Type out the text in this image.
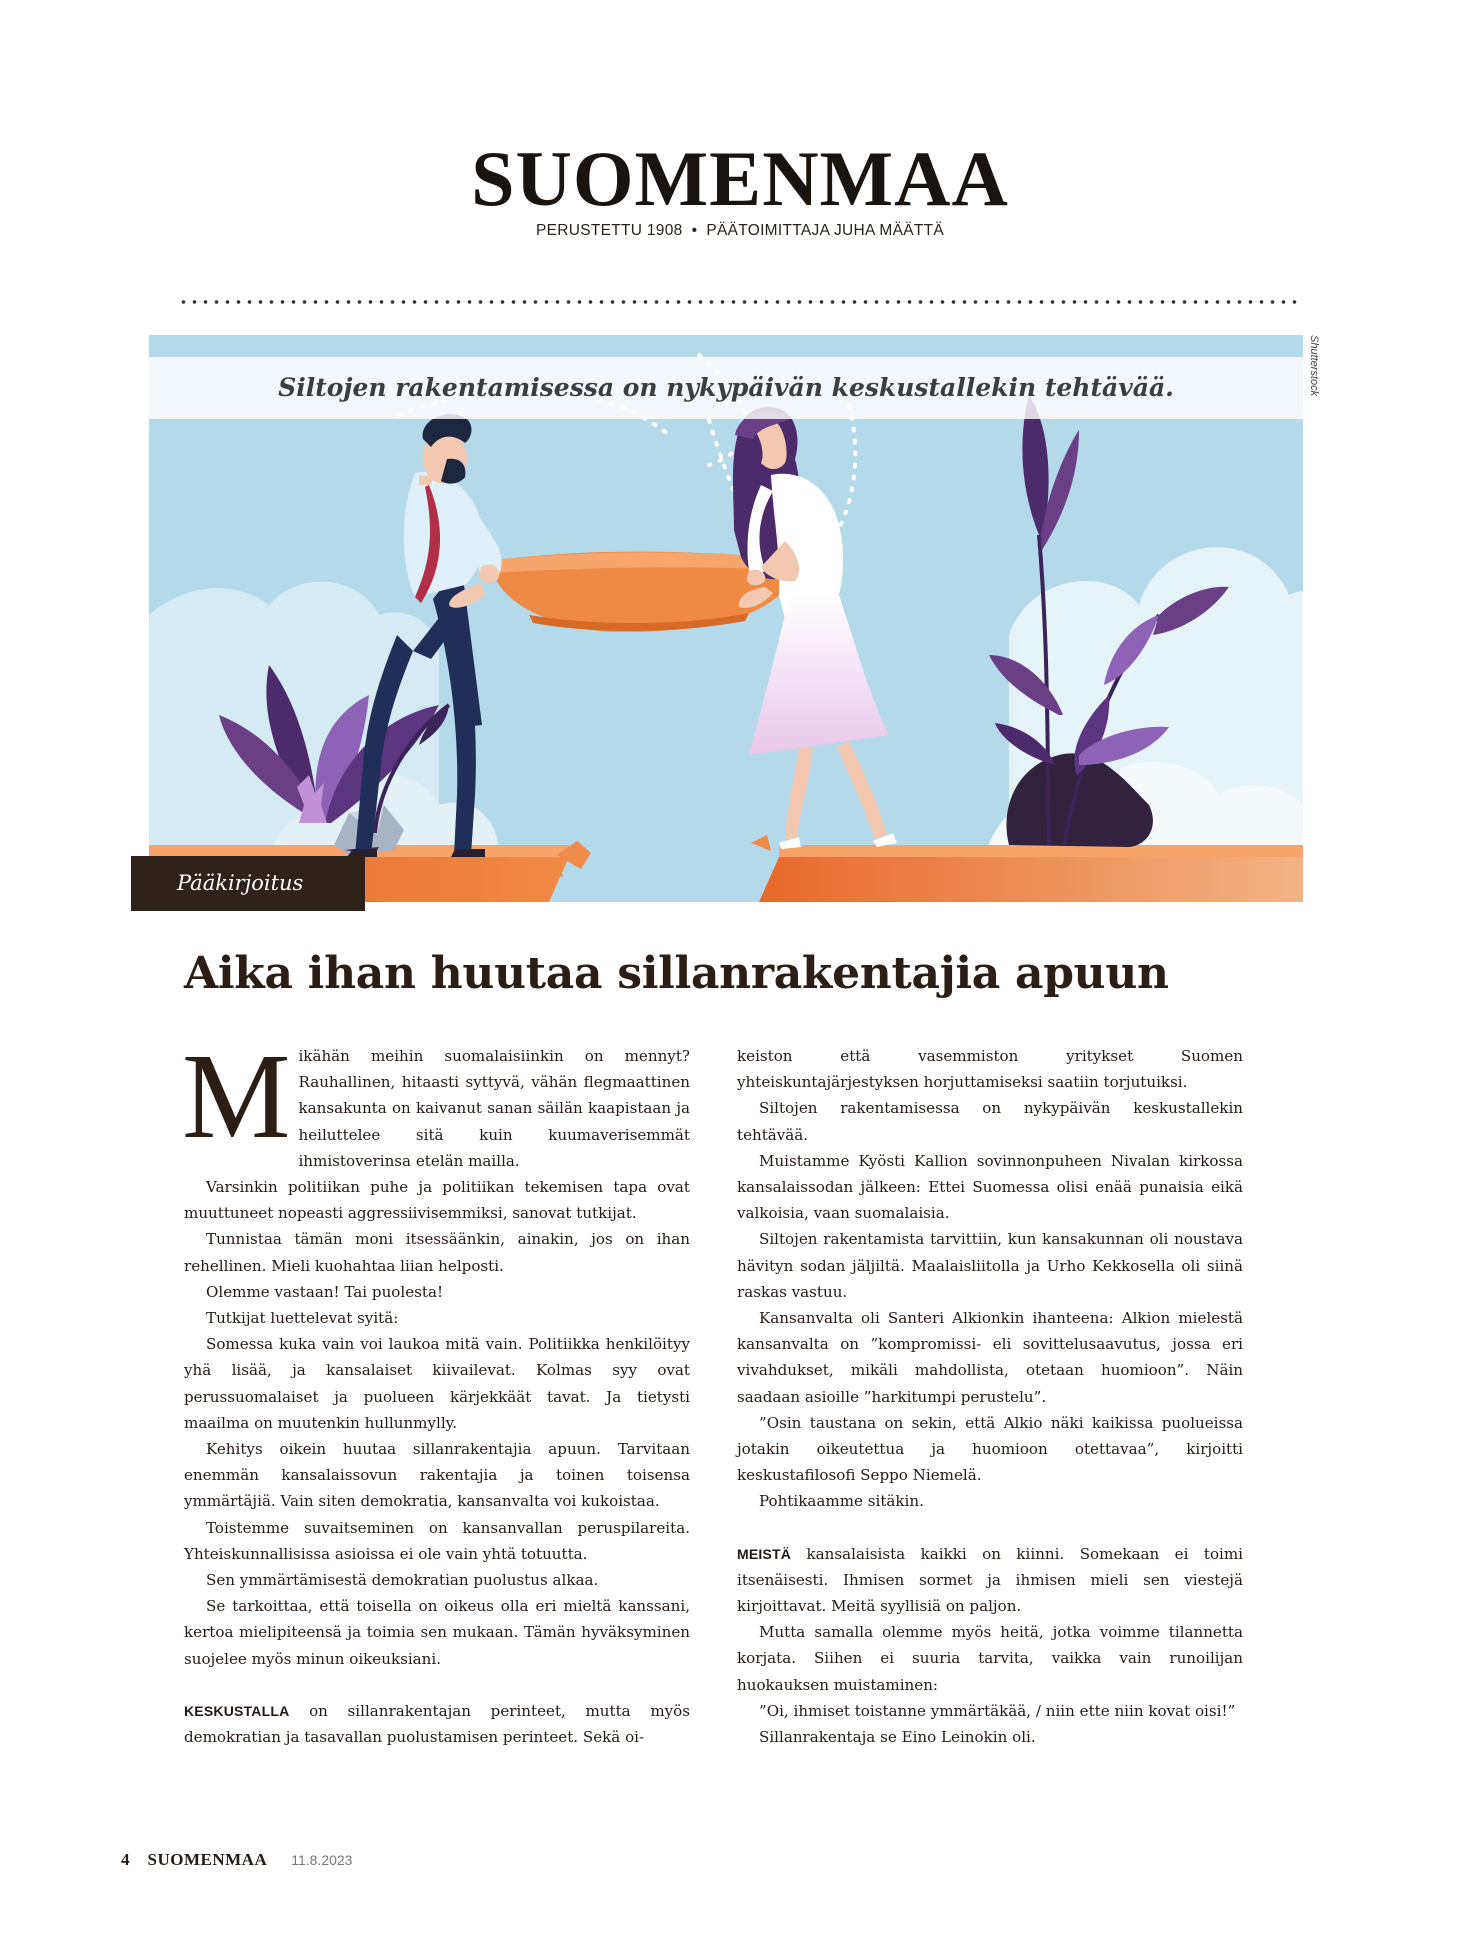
SUOMENMAA
PERUSTETTU 1908 • PÄÄTOIMITTAJA JUHA MÄÄTTÄ
Shutterstock
Siltojen rakentamisessa on nykypäivän keskustallekin tehtävää.
Pääkirjoitus
Aika ihan huutaa sillanrakentajia apuun

Mikähän meihin suomalaisiinkin on mennyt? Rauhallinen, hitaasti syttyvä, vähän flegmaattinen kansakunta on kaivanut sanan säilän kaapistaan ja heiluttelee sitä kuin kuumaverisemmät ihmistoverinsa etelän mailla.

Varsinkin politiikan puhe ja politiikan tekemisen tapa ovat muuttuneet nopeasti aggressiivisemmiksi, sanovat tutkijat.

Tunnistaa tämän moni itsessäänkin, ainakin, jos on ihan rehellinen. Mieli kuohahtaa liian helposti.

Olemme vastaan! Tai puolesta!

Tutkijat luettelevat syitä:

Somessa kuka vain voi laukoa mitä vain. Politiikka henkilöityy yhä lisää, ja kansalaiset kiivailevat. Kolmas syy ovat perussuomalaiset ja puolueen kärjekkäät tavat. Ja tietysti maailma on muutenkin hullunmylly.

Kehitys oikein huutaa sillanrakentajia apuun. Tarvitaan enemmän kansalaissovun rakentajia ja toinen toisensa ymmärtäjiä. Vain siten demokratia, kansanvalta voi kukoistaa.

Toistemme suvaitseminen on kansanvallan peruspilareita. Yhteiskunnallisissa asioissa ei ole vain yhtä totuutta.

Sen ymmärtämisestä demokratian puolustus alkaa.

Se tarkoittaa, että toisella on oikeus olla eri mieltä kanssani, kertoa mielipiteensä ja toimia sen mukaan. Tämän hyväksyminen suojelee myös minun oikeuksiani.

KESKUSTALLA on sillanrakentajan perinteet, mutta myös demokratian ja tasavallan puolustamisen perinteet. Sekä oi-

keiston että vasemmiston yritykset Suomen yhteiskuntajärjestyksen horjuttamiseksi saatiin torjutuiksi.

Siltojen rakentamisessa on nykypäivän keskustallekin tehtävää.

Muistamme Kyösti Kallion sovinnonpuheen Nivalan kirkossa kansalaissodan jälkeen: Ettei Suomessa olisi enää punaisia eikä valkoisia, vaan suomalaisia.

Siltojen rakentamista tarvittiin, kun kansakunnan oli noustava hävityn sodan jäljiltä. Maalaisliitolla ja Urho Kekkosella oli siinä raskas vastuu.

Kansanvalta oli Santeri Alkionkin ihanteena: Alkion mielestä kansanvalta on ”kompromissi- eli sovittelusaavutus, jossa eri vivahdukset, mikäli mahdollista, otetaan huomioon”. Näin saadaan asioille ”harkitumpi perustelu”.

”Osin taustana on sekin, että Alkio näki kaikissa puolueissa jotakin oikeutettua ja huomioon otettavaa”, kirjoitti keskustafilosofi Seppo Niemelä.

Pohtikaamme sitäkin.

MEISTÄ kansalaisista kaikki on kiinni. Somekaan ei toimi itsenäisesti. Ihmisen sormet ja ihmisen mieli sen viestejä kirjoittavat. Meitä syyllisiä on paljon.

Mutta samalla olemme myös heitä, jotka voimme tilannetta korjata. Siihen ei suuria tarvita, vaikka vain runoilijan huokauksen muistaminen:

”Oi, ihmiset toistanne ymmärtäkää, / niin ette niin kovat oisi!”

Sillanrakentaja se Eino Leinokin oli.

4 SUOMENMAA 11.8.2023
